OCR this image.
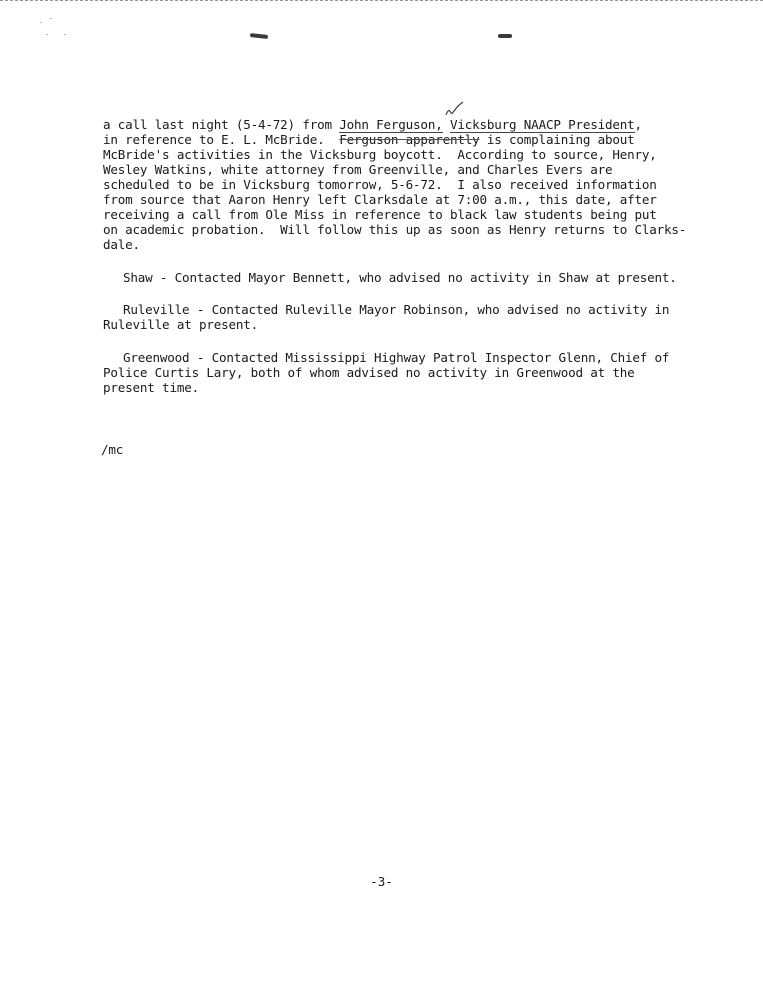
a call last night (5-4-72) from John Ferguson, Vicksburg NAACP President,

in reference to E. L. McBride.  Ferguson apparently is complaining about

McBride's activities in the Vicksburg boycott.  According to source, Henry,

Wesley Watkins, white attorney from Greenville, and Charles Evers are

scheduled to be in Vicksburg tomorrow, 5-6-72.  I also received information

from source that Aaron Henry left Clarksdale at 7:00 a.m., this date, after

receiving a call from Ole Miss in reference to black law students being put

on academic probation.  Will follow this up as soon as Henry returns to Clarks-

dale.

Shaw - Contacted Mayor Bennett, who advised no activity in Shaw at present.

Ruleville - Contacted Ruleville Mayor Robinson, who advised no activity in

Ruleville at present.

Greenwood - Contacted Mississippi Highway Patrol Inspector Glenn, Chief of

Police Curtis Lary, both of whom advised no activity in Greenwood at the

present time.

/mc
-3-
